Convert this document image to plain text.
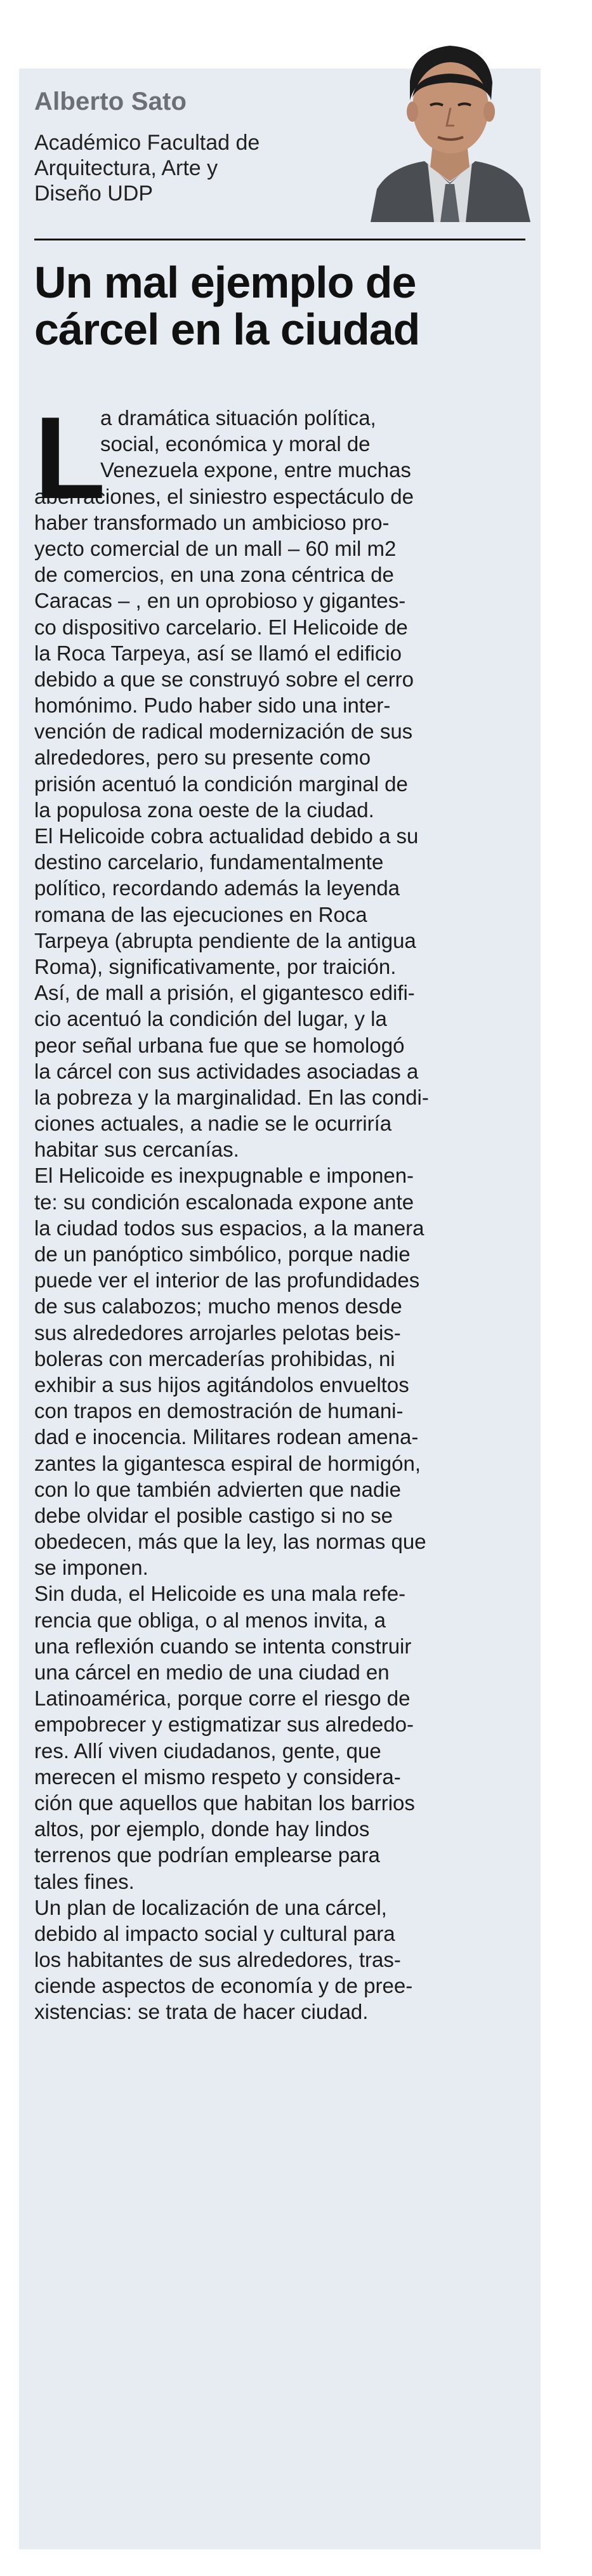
Alberto Sato

Académico Facultad de
Arquitectura, Arte y
Diseño UDP

Un mal ejemplo de
cárcel en la ciudad
L
a dramática situación política,
social, económica y moral de
Venezuela expone, entre muchas
aberraciones, el siniestro espectáculo de
haber transformado un ambicioso pro-
yecto comercial de un mall – 60 mil m2
de comercios, en una zona céntrica de
Caracas – , en un oprobioso y gigantes-
co dispositivo carcelario. El Helicoide de
la Roca Tarpeya, así se llamó el edificio
debido a que se construyó sobre el cerro
homónimo. Pudo haber sido una inter-
vención de radical modernización de sus
alrededores, pero su presente como
prisión acentuó la condición marginal de
la populosa zona oeste de la ciudad.
El Helicoide cobra actualidad debido a su
destino carcelario, fundamentalmente
político, recordando además la leyenda
romana de las ejecuciones en Roca
Tarpeya (abrupta pendiente de la antigua
Roma), significativamente, por traición.
Así, de mall a prisión, el gigantesco edifi-
cio acentuó la condición del lugar, y la
peor señal urbana fue que se homologó
la cárcel con sus actividades asociadas a
la pobreza y la marginalidad. En las condi-
ciones actuales, a nadie se le ocurriría
habitar sus cercanías.
El Helicoide es inexpugnable e imponen-
te: su condición escalonada expone ante
la ciudad todos sus espacios, a la manera
de un panóptico simbólico, porque nadie
puede ver el interior de las profundidades
de sus calabozos; mucho menos desde
sus alrededores arrojarles pelotas beis-
boleras con mercaderías prohibidas, ni
exhibir a sus hijos agitándolos envueltos
con trapos en demostración de humani-
dad e inocencia. Militares rodean amena-
zantes la gigantesca espiral de hormigón,
con lo que también advierten que nadie
debe olvidar el posible castigo si no se
obedecen, más que la ley, las normas que
se imponen.
Sin duda, el Helicoide es una mala refe-
rencia que obliga, o al menos invita, a
una reflexión cuando se intenta construir
una cárcel en medio de una ciudad en
Latinoamérica, porque corre el riesgo de
empobrecer y estigmatizar sus alrededo-
res. Allí viven ciudadanos, gente, que
merecen el mismo respeto y considera-
ción que aquellos que habitan los barrios
altos, por ejemplo, donde hay lindos
terrenos que podrían emplearse para
tales fines.
Un plan de localización de una cárcel,
debido al impacto social y cultural para
los habitantes de sus alrededores, tras-
ciende aspectos de economía y de pree-
xistencias: se trata de hacer ciudad.
